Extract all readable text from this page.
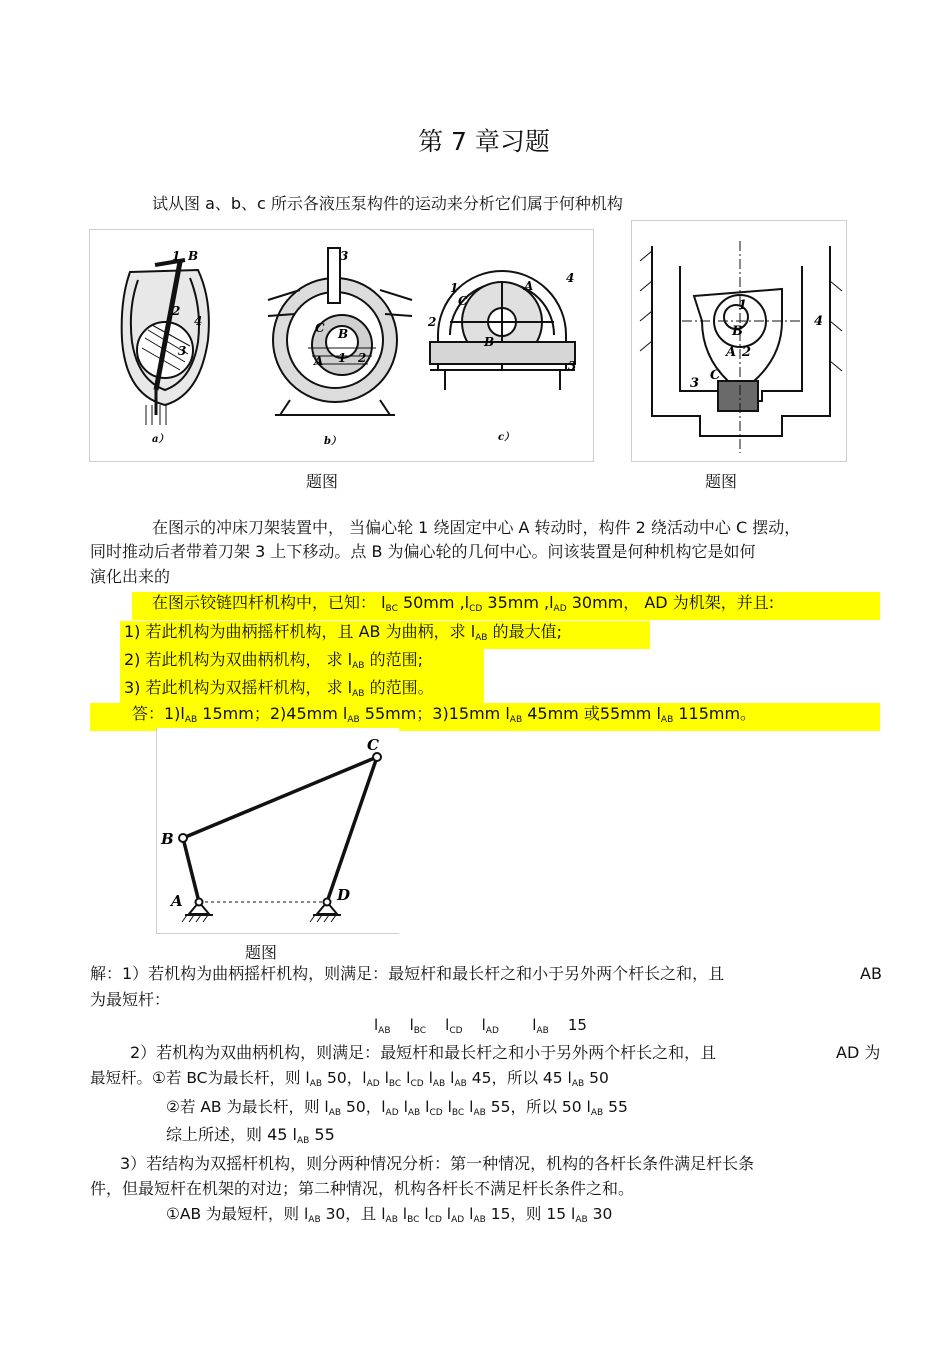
第 7 章习题
试从图 a、b、c 所示各液压泵构件的运动来分析它们属于何种机构
1 B
2
4
3
a）
3
C B
A 1 2
b）
1
C
A
4
2
B
3
c）
题图
1
B
4
A 2
3
C
题图
在图示的冲床刀架装置中， 当偏心轮 1 绕固定中心 A 转动时，构件 2 绕活动中心 C 摆动，
同时推动后者带着刀架 3 上下移动。点 B 为偏心轮的几何中心。问该装置是何种机构它是如何
演化出来的
在图示铰链四杆机构中，已知： $l_{BC}$ 50mm $,l_{CD}$ 35mm $,l_{AD}$ 30mm， AD 为机架，并且:
1) 若此机构为曲柄摇杆机构，且 AB 为曲柄，求 $l_{AB}$ 的最大值;
2) 若此机构为双曲柄机构， 求 $l_{AB}$ 的范围;
3) 若此机构为双摇杆机构， 求 $l_{AB}$ 的范围。
答：$1)l_{AB}$ 15mm；2)45mm $l_{AB}$ 55mm；3)15mm $l_{AB}$ 45mm 或55mm $l_{AB}$ 115mm。
C
B
A	D
题图
解：1）若机构为曲柄摇杆机构，则满足：最短杆和最长杆之和小于另外两个杆长之和，且	AB
为最短杆：
$l_{AB}$    $l_{BC}$    $l_{CD}$    $l_{AD}$       $l_{AB}$ 15
2）若机构为双曲柄机构，则满足：最短杆和最长杆之和小于另外两个杆长之和，且	AD 为
最短杆。①若 BC为最长杆，则 $l_{AB}$ 50，$l_{AD}$ $l_{BC}$ $l_{CD}$ $l_{AB}$ $l_{AB}$ 45，所以 45 $l_{AB}$ 50
②若 AB 为最长杆，则 $l_{AB}$ 50，$l_{AD}$ $l_{AB}$ $l_{CD}$ $l_{BC}$ $l_{AB}$ 55，所以 50 $l_{AB}$ 55
综上所述，则 45 $l_{AB}$ 55
3）若结构为双摇杆机构，则分两种情况分析：第一种情况，机构的各杆长条件满足杆长条
件，但最短杆在机架的对边；第二种情况，机构各杆长不满足杆长条件之和。
①AB 为最短杆，则 $l_{AB}$ 30，且 $l_{AB}$ $l_{BC}$ $l_{CD}$ $l_{AD}$ $l_{AB}$ 15，则 15 $l_{AB}$ 30
